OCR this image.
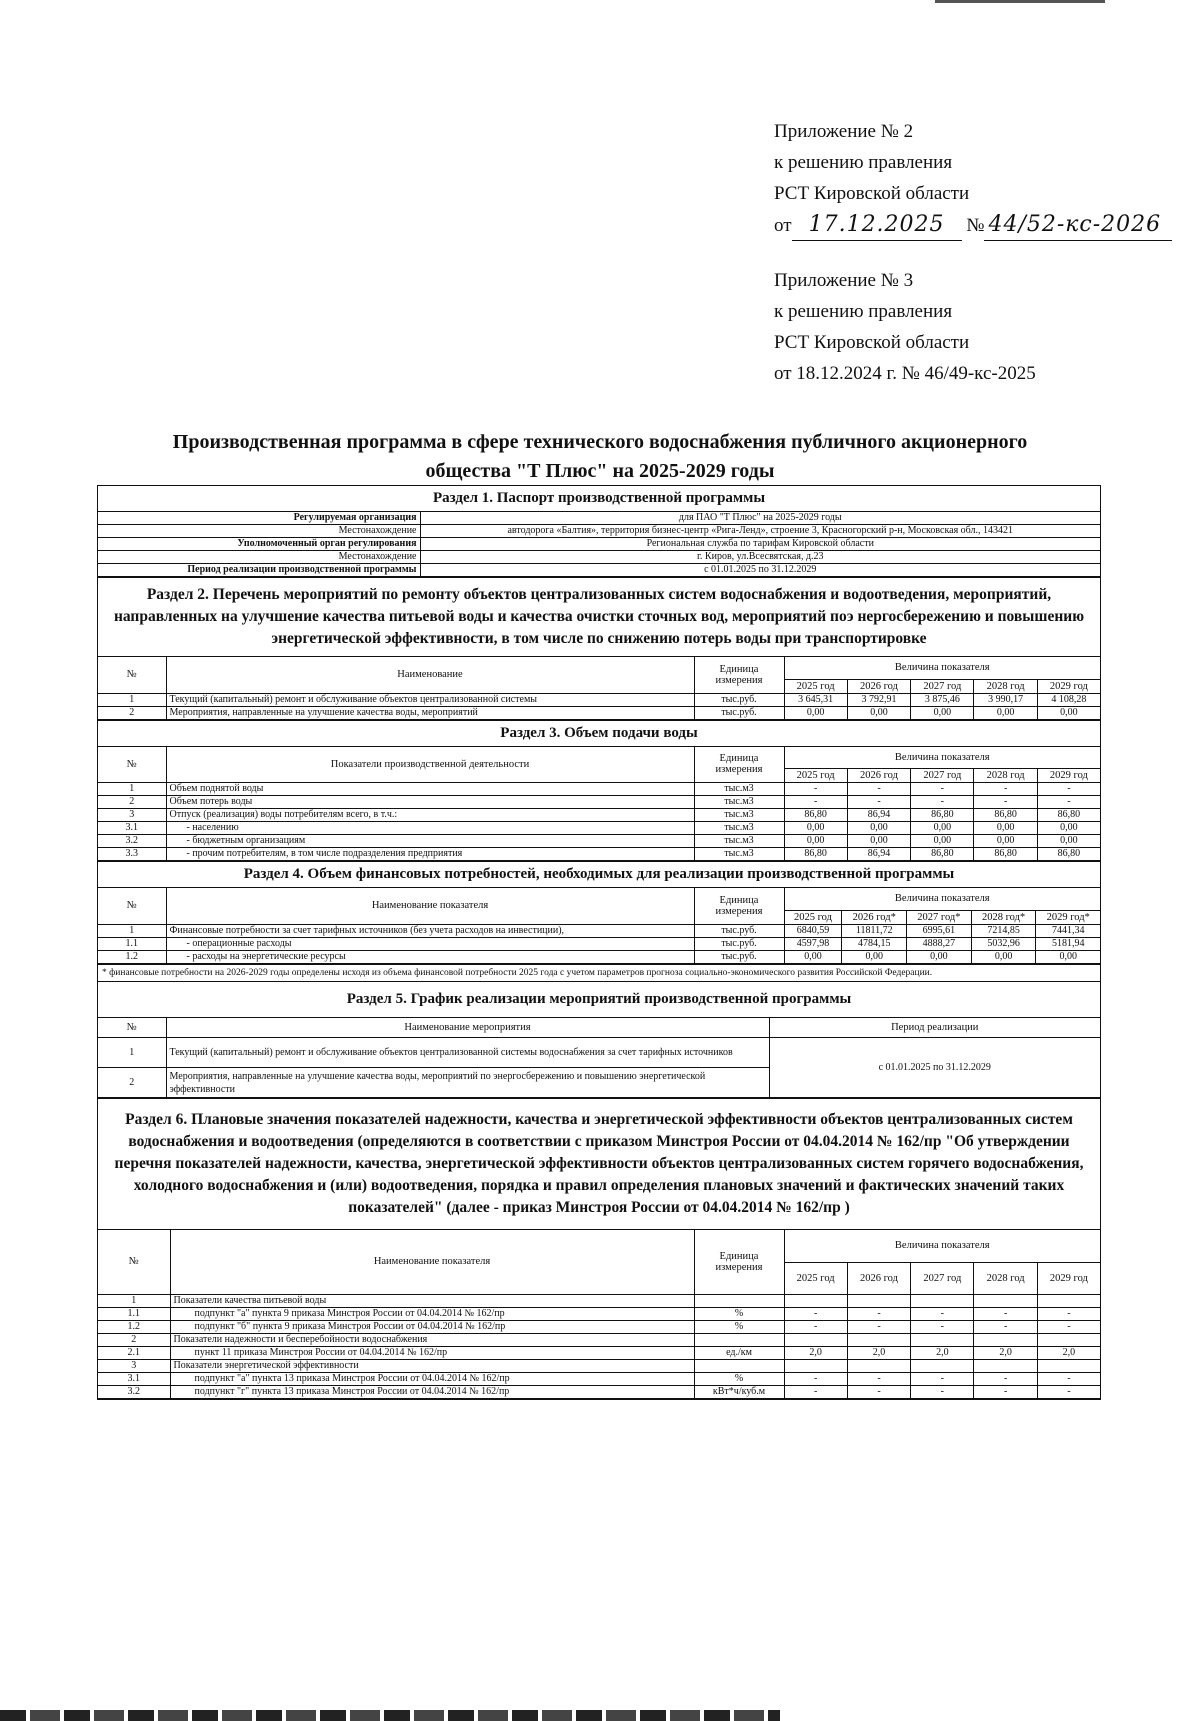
Приложение № 2
к решению правления
РСТ Кировской области
от 17.12.2025 № 44/52-кс-2026
Приложение № 3
к решению правления
РСТ Кировской области
от 18.12.2024 г. № 46/49-кс-2025
Производственная программа в сфере технического водоснабжения публичного акционерного
общества "Т Плюс" на 2025-2029 годы
Раздел 1. Паспорт производственной программы
Регулируемая организация	для ПАО "Т Плюс" на 2025-2029 годы
Местонахождение	автодорога «Балтия», территория бизнес-центр «Рига-Ленд», строение 3, Красногорский р-н, Московская обл., 143421
Уполномоченный орган регулирования	Региональная служба по тарифам Кировской области
Местонахождение	г. Киров, ул.Всесвятская, д.23
Период реализации производственной программы	с 01.01.2025 по 31.12.2029
Раздел 2. Перечень мероприятий по ремонту объектов централизованных систем водоснабжения и водоотведения, мероприятий, направленных на улучшение качества питьевой воды и качества очистки сточных вод, мероприятий поэ нергосбережению и повышению энергетической эффективности, в том числе по снижению потерь воды при транспортировке
№	Наименование	Единица измерения	Величина показателя				
			2025 год	2026 год	2027 год	2028 год	2029 год
1	Текущий (капитальный) ремонт и обслуживание объектов централизованной системы	тыс.руб.	3 645,31	3 792,91	3 875,46	3 990,17	4 108,28
2	Мероприятия, направленные на улучшение качества воды, мероприятий	тыс.руб.	0,00	0,00	0,00	0,00	0,00
Раздел 3. Объем подачи воды
№	Показатели производственной деятельности	Единица измерения	Величина показателя				
			2025 год	2026 год	2027 год	2028 год	2029 год
1	Объем поднятой воды	тыс.м3	-	-	-	-	-
2	Объем потерь воды	тыс.м3	-	-	-	-	-
3	Отпуск (реализация) воды потребителям всего, в т.ч.:	тыс.м3	86,80	86,94	86,80	86,80	86,80
3.1	- населению	тыс.м3	0,00	0,00	0,00	0,00	0,00
3.2	- бюджетным организациям	тыс.м3	0,00	0,00	0,00	0,00	0,00
3.3	- прочим потребителям, в том числе подразделения предприятия	тыс.м3	86,80	86,94	86,80	86,80	86,80
Раздел 4. Объем финансовых потребностей, необходимых для реализации производственной программы
№	Наименование показателя	Единица измерения	Величина показателя				
			2025 год	2026 год*	2027 год*	2028 год*	2029 год*
1	Финансовые потребности за счет тарифных источников (без учета расходов на инвестиции),	тыс.руб.	6840,59	11811,72	6995,61	7214,85	7441,34
1.1	- операционные расходы	тыс.руб.	4597,98	4784,15	4888,27	5032,96	5181,94
1.2	- расходы на энергетические ресурсы	тыс.руб.	0,00	0,00	0,00	0,00	0,00
* финансовые потребности на 2026-2029 годы определены исходя из объема финансовой потребности 2025 года с учетом параметров прогноза социально-экономического развития Российской Федерации.
Раздел 5. График реализации мероприятий производственной программы
№	Наименование мероприятия	Период реализации
1	Текущий (капитальный) ремонт и обслуживание объектов централизованной системы водоснабжения за счет тарифных источников	с 01.01.2025 по 31.12.2029
2	Мероприятия, направленные на улучшение качества воды, мероприятий по энергосбережению и повышению энергетической эффективности	
Раздел 6. Плановые значения показателей надежности, качества и энергетической эффективности объектов централизованных систем водоснабжения и водоотведения (определяются в соответствии с приказом Минстроя России от 04.04.2014 № 162/пр "Об утверждении перечня показателей надежности, качества, энергетической эффективности объектов централизованных систем горячего водоснабжения, холодного водоснабжения и (или) водоотведения, порядка и правил определения плановых значений и фактических значений таких показателей" (далее - приказ Минстроя России от 04.04.2014 № 162/пр )
№	Наименование показателя	Единица измерения	Величина показателя				
			2025 год	2026 год	2027 год	2028 год	2029 год
1	Показатели качества питьевой воды						
1.1	подпункт "а" пункта 9 приказа Минстроя России от 04.04.2014 № 162/пр	%	-	-	-	-	-
1.2	подпункт "б" пункта 9 приказа Минстроя России от 04.04.2014 № 162/пр	%	-	-	-	-	-
2	Показатели надежности и бесперебойности водоснабжения						
2.1	пункт 11 приказа Минстроя России от 04.04.2014 № 162/пр	ед./км	2,0	2,0	2,0	2,0	2,0
3	Показатели энергетической эффективности						
3.1	подпункт "а" пункта 13 приказа Минстроя России от 04.04.2014 № 162/пр	%	-	-	-	-	-
3.2	подпункт "г" пункта 13 приказа Минстроя России от 04.04.2014 № 162/пр	кВт*ч/куб.м	-	-	-	-	-
